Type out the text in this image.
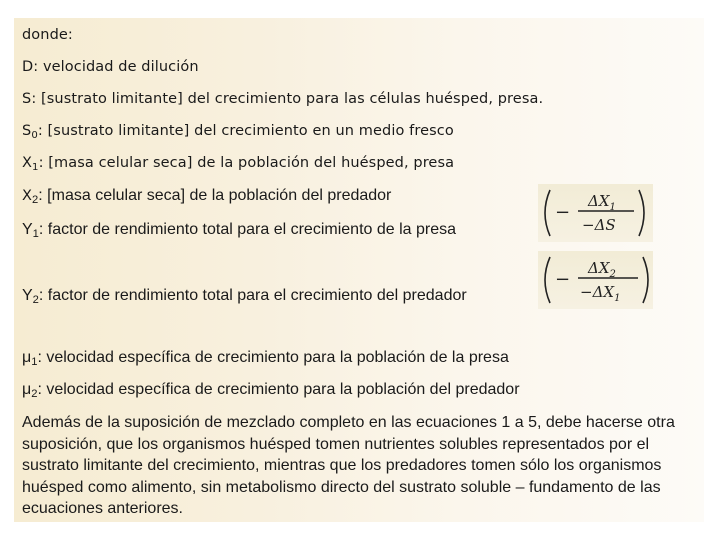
donde:
D: velocidad de dilución
S: [sustrato limitante] del crecimiento para las células huésped, presa.
$S_0$: [sustrato limitante] del crecimiento en un medio fresco
$X_1$: [masa celular seca] de la población del huésped, presa
$X_2$: [masa celular seca] de la población del predador
$Y_1$: factor de rendimiento total para el crecimiento de la presa
$Y_2$: factor de rendimiento total para el crecimiento del predador
$\mu_1$: velocidad específica de crecimiento para la población de la presa
$\mu_2$: velocidad específica de crecimiento para la población del predador
−
$\Delta X_1$
−ΔS
−
$\Delta X_2$
$-\Delta X_1$
Además de la suposición de mezclado completo en las ecuaciones 1 a 5, debe hacerse otra suposición, que los organismos huésped tomen nutrientes solubles representados por el sustrato limitante del crecimiento, mientras que los predadores tomen sólo los organismos huésped como alimento, sin metabolismo directo del sustrato soluble – fundamento de las ecuaciones anteriores.
